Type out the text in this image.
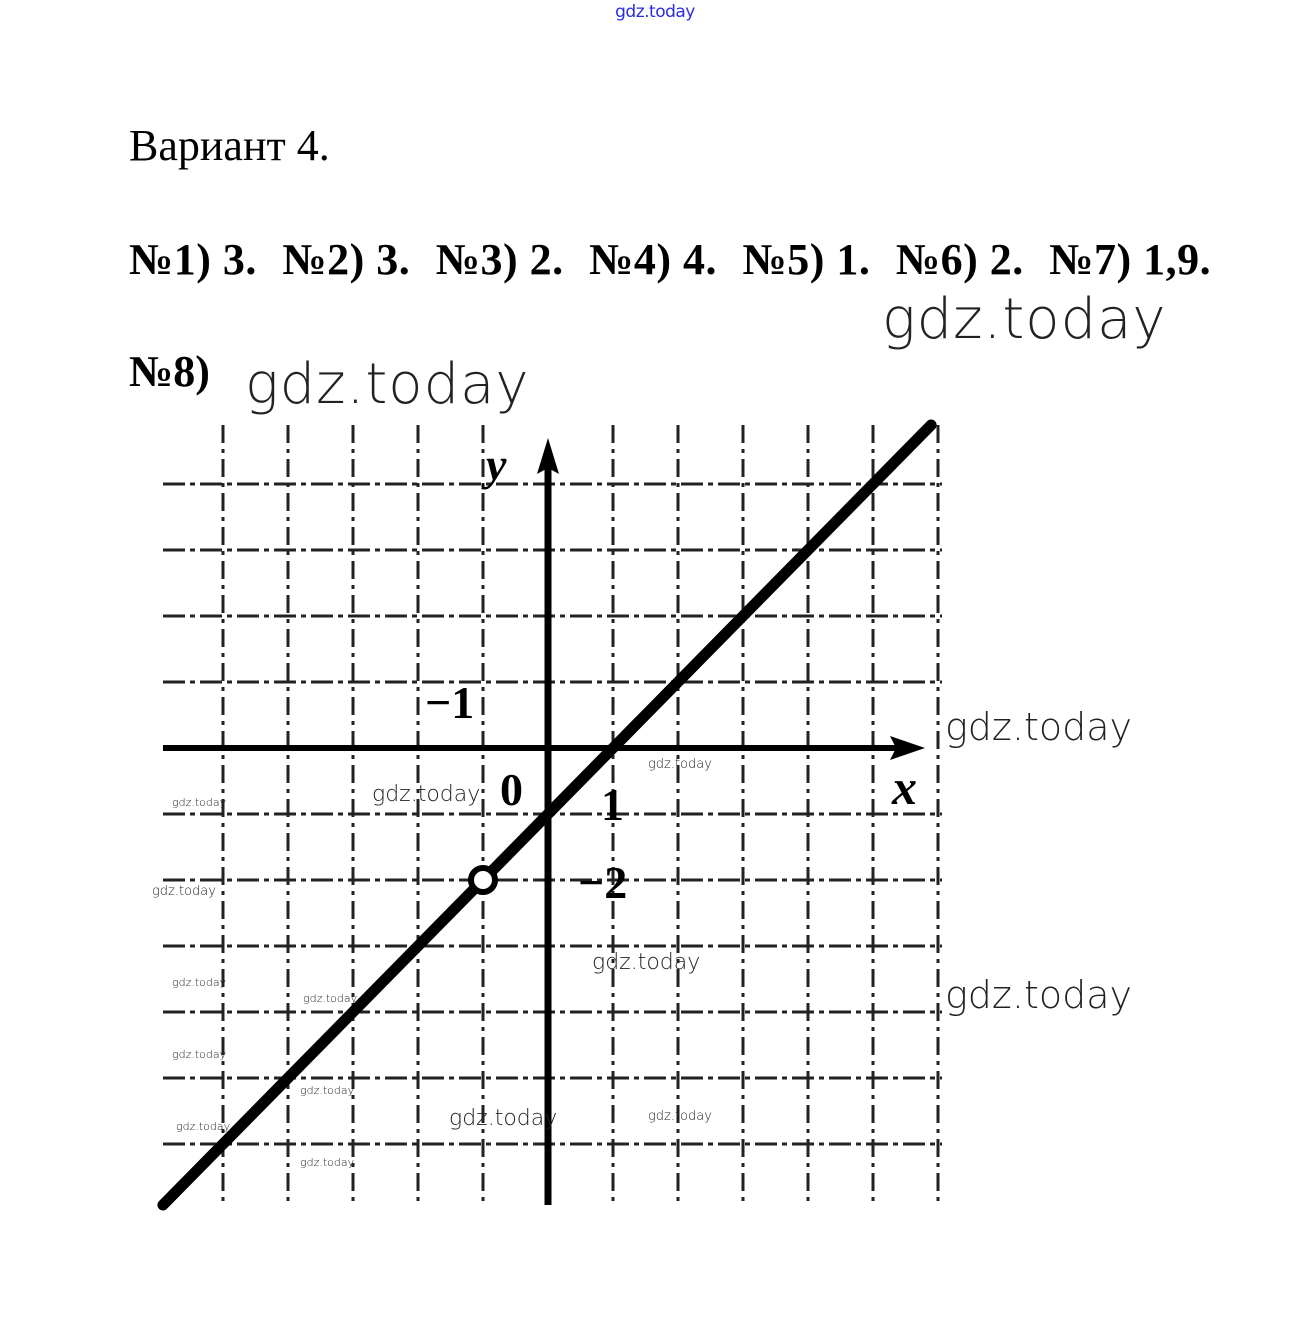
gdz.today
Вариант 4.
№1) 3. №2) 3. №3) 2. №4) 4. №5) 1. №6) 2. №7) 1,9.
№8)
y
x
0 1
−1
−2
gdz.today
gdz.today
gdz.today
gdz.today
gdz.today
gdz.today
gdz.today
gdz.today
gdz.today
gdz.today
gdz.today
gdz.today
gdz.today
gdz.today
gdz.today
gdz.today
gdz.today
